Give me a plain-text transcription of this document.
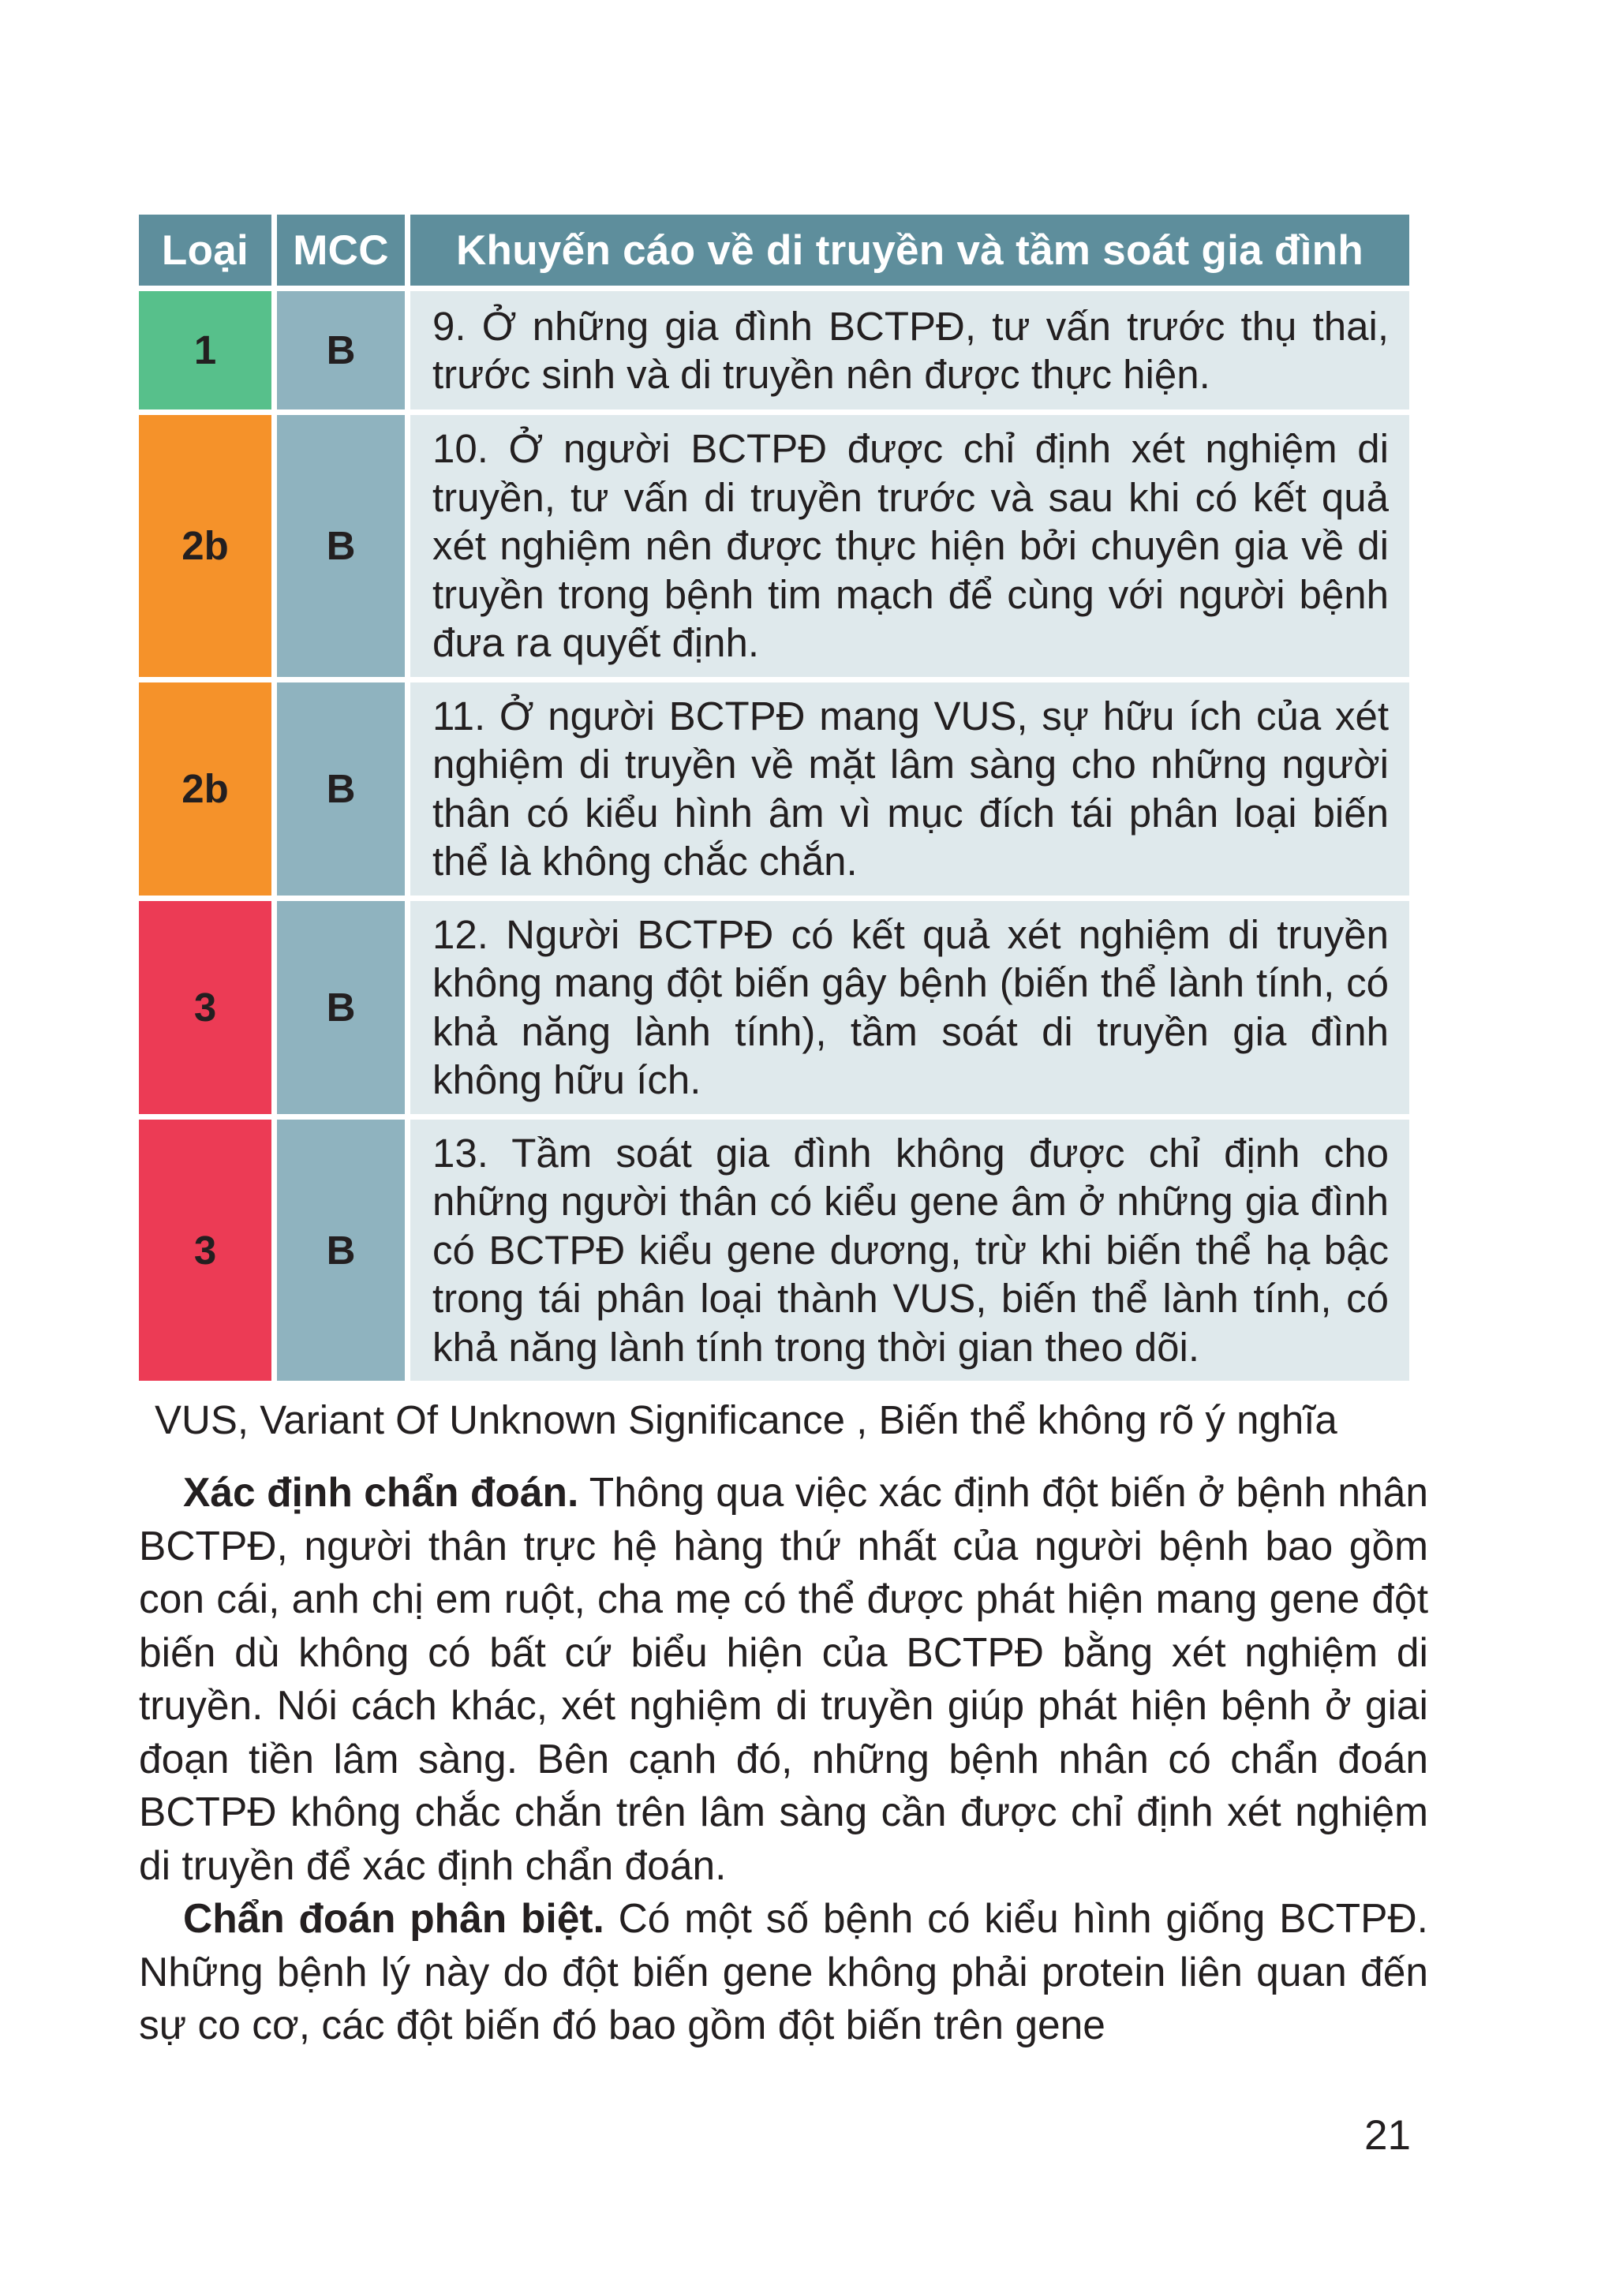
Loại	MCC	Khuyến cáo về di truyền và tầm soát gia đình
1	B	9. Ở những gia đình BCTPĐ, tư vấn trước thụ thai, trước sinh và di truyền nên được thực hiện.
2b	B	10. Ở người BCTPĐ được chỉ định xét nghiệm di truyền, tư vấn di truyền trước và sau khi có kết quả xét nghiệm nên được thực hiện bởi chuyên gia về di truyền trong bệnh tim mạch để cùng với người bệnh đưa ra quyết định.
2b	B	11. Ở người BCTPĐ mang VUS, sự hữu ích của xét nghiệm di truyền về mặt lâm sàng cho những người thân có kiểu hình âm vì mục đích tái phân loại biến thể là không chắc chắn.
3	B	12. Người BCTPĐ có kết quả xét nghiệm di truyền không mang đột biến gây bệnh (biến thể lành tính, có khả năng lành tính), tầm soát di truyền gia đình không hữu ích.
3	B	13. Tầm soát gia đình không được chỉ định cho những người thân có kiểu gene âm ở những gia đình có BCTPĐ kiểu gene dương, trừ khi biến thể hạ bậc trong tái phân loại thành VUS, biến thể lành tính, có khả năng lành tính trong thời gian theo dõi.
VUS, Variant Of Unknown Significance , Biến thể không rõ ý nghĩa

Xác định chẩn đoán. Thông qua việc xác định đột biến ở bệnh nhân BCTPĐ, người thân trực hệ hàng thứ nhất của người bệnh bao gồm con cái, anh chị em ruột, cha mẹ có thể được phát hiện mang gene đột biến dù không có bất cứ biểu hiện của BCTPĐ bằng xét nghiệm di truyền. Nói cách khác, xét nghiệm di truyền giúp phát hiện bệnh ở giai đoạn tiền lâm sàng. Bên cạnh đó, những bệnh nhân có chẩn đoán BCTPĐ không chắc chắn trên lâm sàng cần được chỉ định xét nghiệm di truyền để xác định chẩn đoán.

Chẩn đoán phân biệt. Có một số bệnh có kiểu hình giống BCTPĐ. Những bệnh lý này do đột biến gene không phải protein liên quan đến sự co cơ, các đột biến đó bao gồm đột biến trên gene

21
